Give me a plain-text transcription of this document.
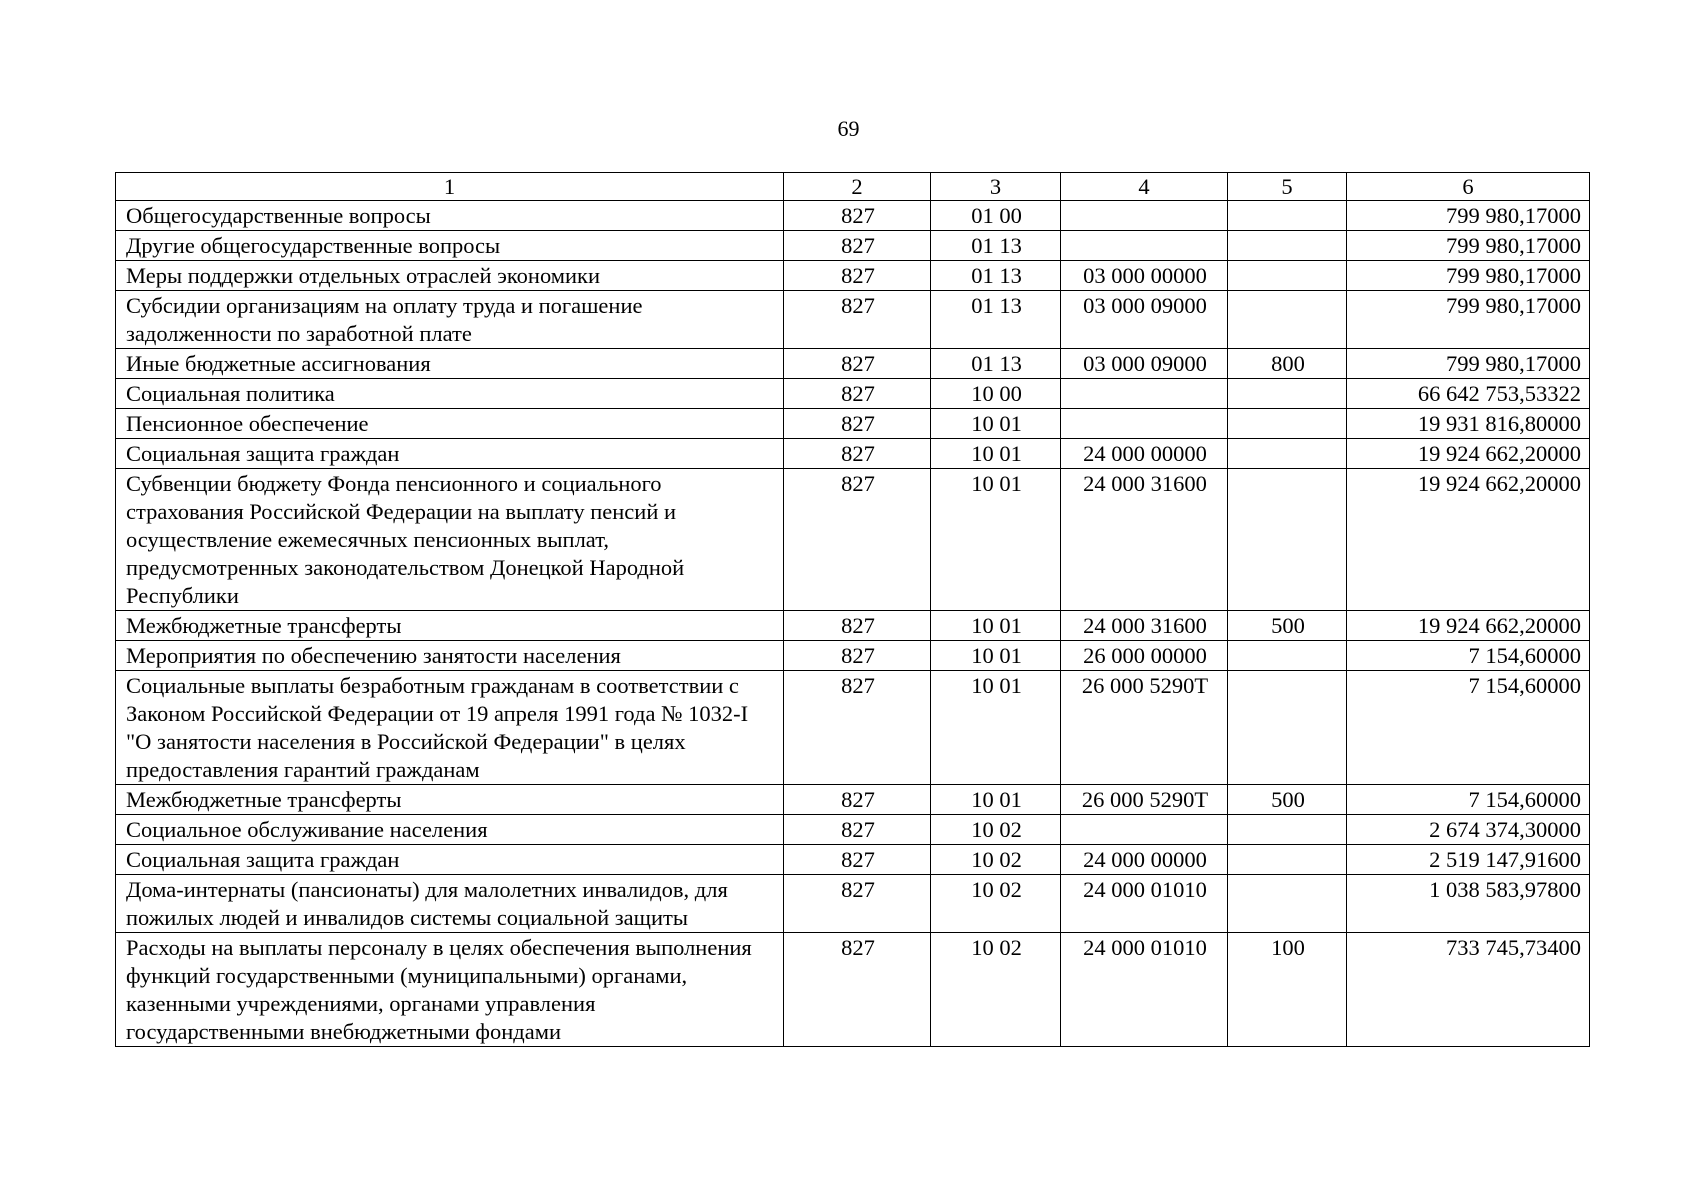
69
1	2	3	4	5	6
Общегосударственные вопросы	827	01 00			799 980,17000
Другие общегосударственные вопросы	827	01 13			799 980,17000
Меры поддержки отдельных отраслей экономики	827	01 13	03 000 00000		799 980,17000
Субсидии организациям на оплату труда и погашение задолженности по заработной плате	827	01 13	03 000 09000		799 980,17000
Иные бюджетные ассигнования	827	01 13	03 000 09000	800	799 980,17000
Социальная политика	827	10 00			66 642 753,53322
Пенсионное обеспечение	827	10 01			19 931 816,80000
Социальная защита граждан	827	10 01	24 000 00000		19 924 662,20000
Субвенции бюджету Фонда пенсионного и социального страхования Российской Федерации на выплату пенсий и осуществление ежемесячных пенсионных выплат, предусмотренных законодательством Донецкой Народной Республики	827	10 01	24 000 31600		19 924 662,20000
Межбюджетные трансферты	827	10 01	24 000 31600	500	19 924 662,20000
Мероприятия по обеспечению занятости населения	827	10 01	26 000 00000		7 154,60000
Социальные выплаты безработным гражданам в соответствии с Законом Российской Федерации от 19 апреля 1991 года № 1032-I "О занятости населения в Российской Федерации" в целях предоставления гарантий гражданам	827	10 01	26 000 5290Т		7 154,60000
Межбюджетные трансферты	827	10 01	26 000 5290Т	500	7 154,60000
Социальное обслуживание населения	827	10 02			2 674 374,30000
Социальная защита граждан	827	10 02	24 000 00000		2 519 147,91600
Дома-интернаты (пансионаты) для малолетних инвалидов, для пожилых людей и инвалидов системы социальной защиты	827	10 02	24 000 01010		1 038 583,97800
Расходы на выплаты персоналу в целях обеспечения выполнения функций государственными (муниципальными) органами, казенными учреждениями, органами управления государственными внебюджетными фондами	827	10 02	24 000 01010	100	733 745,73400
